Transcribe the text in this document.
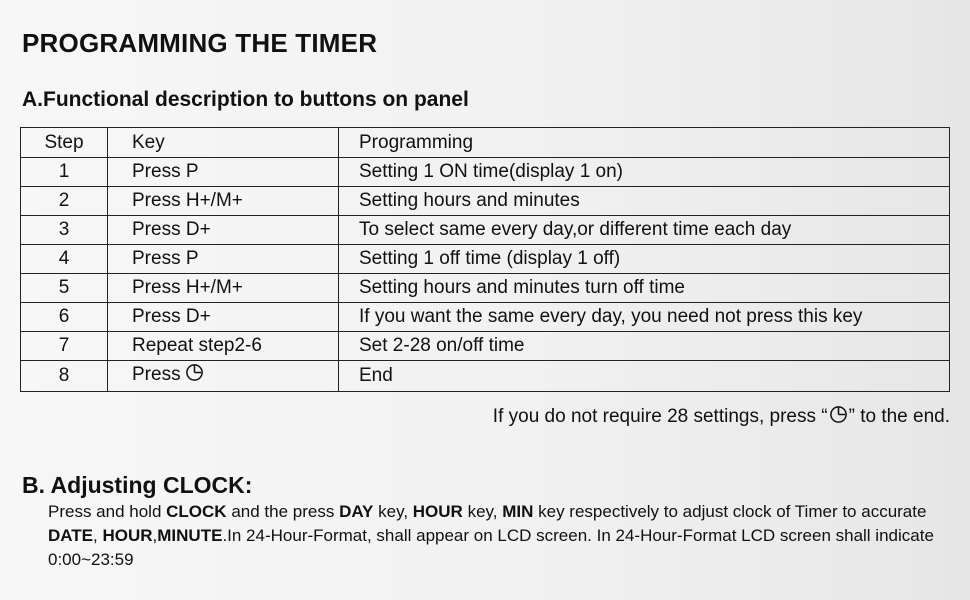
PROGRAMMING THE TIMER
A.Functional description to buttons on panel
Step	Key	Programming
1	Press P	Setting 1 ON time(display 1 on)
2	Press H+/M+	Setting hours and minutes
3	Press D+	To select same every day,or different time each day
4	Press P	Setting 1 off time (display 1 off)
5	Press H+/M+	Setting hours and minutes turn off time
6	Press D+	If you want the same every day, you need not press this key
7	Repeat step2-6	Set 2-28 on/off time
8	Press	End
If you do not require 28 settings, press “ ” to the end.
B. Adjusting CLOCK:
Press and hold CLOCK and the press DAY key, HOUR key, MIN key respectively to adjust clock of Timer to accurate DATE, HOUR,MINUTE.In 24-Hour-Format, shall appear on LCD screen. In 24-Hour-Format LCD screen shall indicate 0:00~23:59
